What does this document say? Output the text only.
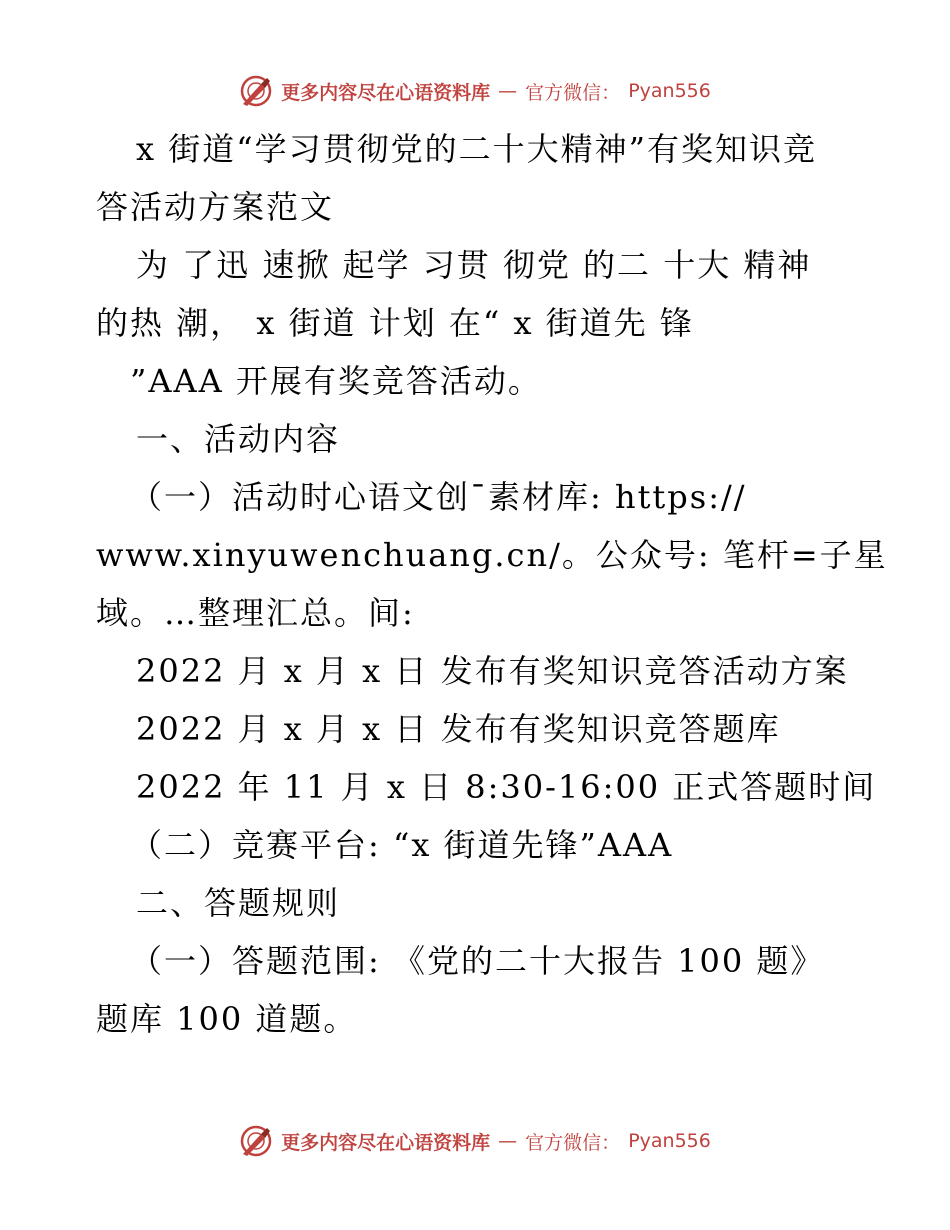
更多内容尽在心语资料库 — 官方微信： Pyan556
x 街道“学习贯彻党的二十大精神”有奖知识竞
答活动方案范文
为 了迅 速掀 起学 习贯 彻党 的二 十大 精神
的热 潮， x 街道 计划 在“ x 街道先 锋
”AAA 开展有奖竞答活动。
一、活动内容
（一）活动时心语文创¯素材库: https://
www.xinyuwenchuang.cn/。公众号: 笔杆=子星
域。…整理汇总。间:
2022 月 x 月 x 日 发布有奖知识竞答活动方案
2022 月 x 月 x 日 发布有奖知识竞答题库
2022 年 11 月 x 日 8:30-16:00 正式答题时间
（二）竞赛平台: “x 街道先锋”AAA
二、答题规则
（一）答题范围: 《党的二十大报告 100 题》
题库 100 道题。
更多内容尽在心语资料库 — 官方微信： Pyan556
